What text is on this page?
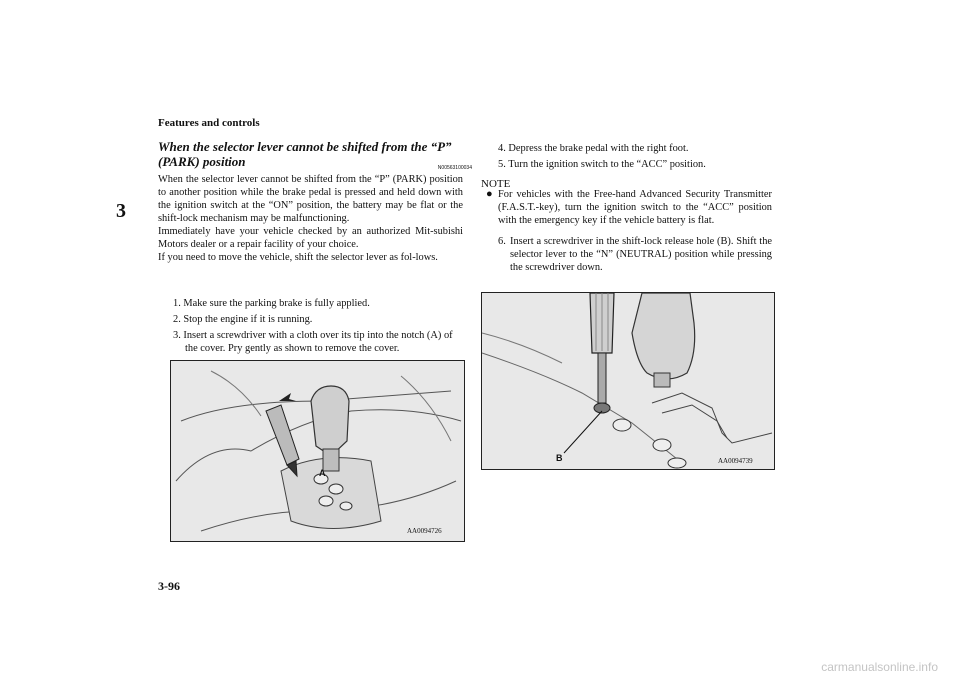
Features and controls
3
When the selector lever cannot be shifted from the “P” (PARK) position	N00563100034

When the selector lever cannot be shifted from the “P” (PARK) position to another position while the brake pedal is pressed and held down with the ignition switch at the “ON” position, the battery may be flat or the shift-lock mechanism may be malfunctioning.

Immediately have your vehicle checked by an authorized Mit-subishi Motors dealer or a repair facility of your choice.

If you need to move the vehicle, shift the selector lever as fol-lows.

1. Make sure the parking brake is fully applied.
2. Stop the engine if it is running.
3. Insert a screwdriver with a cloth over its tip into the notch (A) of the cover. Pry gently as shown to remove the cover.
A
AA0094726
4. Depress the brake pedal with the right foot.
5. Turn the ignition switch to the “ACC” position.
NOTE
● For vehicles with the Free-hand Advanced Security Transmitter (F.A.S.T.-key), turn the ignition switch to the “ACC” position with the emergency key if the vehicle battery is flat.
6. Insert a screwdriver in the shift-lock release hole (B). Shift the selector lever to the “N” (NEUTRAL) position while pressing the screwdriver down.
B	AA0094739
3-96
carmanualsonline.info
